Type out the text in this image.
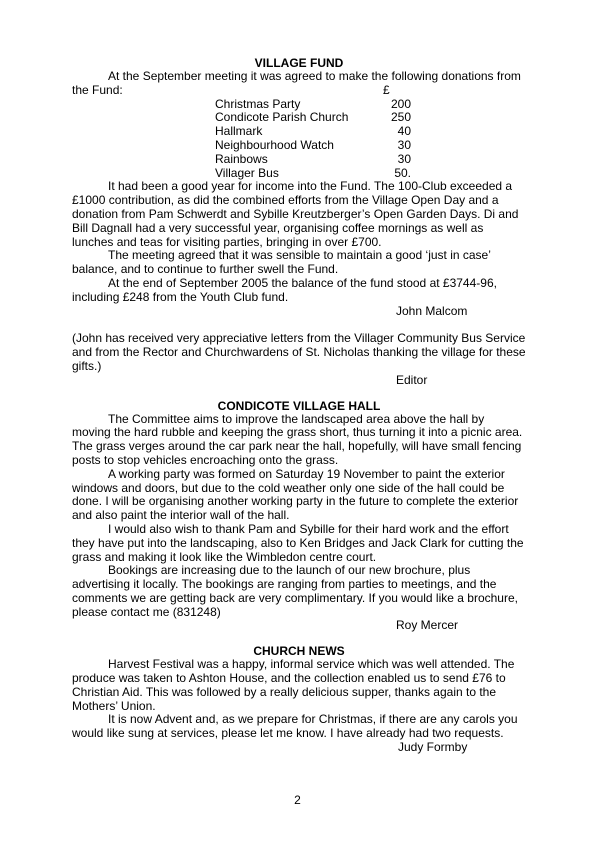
VILLAGE FUND

At the September meeting it was agreed to make the following donations from the Fund:	£
Christmas Party	200
Condicote Parish Church	250
Hallmark	40
Neighbourhood Watch	30
Rainbows	30
Villager Bus	50.

It had been a good year for income into the Fund. The 100-Club exceeded a £1000 contribution, as did the combined efforts from the Village Open Day and a donation from Pam Schwerdt and Sybille Kreutzberger’s Open Garden Days. Di and Bill Dagnall had a very successful year, organising coffee mornings as well as lunches and teas for visiting parties, bringing in over £700.

The meeting agreed that it was sensible to maintain a good ‘just in case’ balance, and to continue to further swell the Fund.

At the end of September 2005 the balance of the fund stood at £3744-96, including £248 from the Youth Club fund.

John Malcom

(John has received very appreciative letters from the Villager Community Bus Service and from the Rector and Churchwardens of St. Nicholas thanking the village for these gifts.)

Editor
CONDICOTE VILLAGE HALL

The Committee aims to improve the landscaped area above the hall by moving the hard rubble and keeping the grass short, thus turning it into a picnic area. The grass verges around the car park near the hall, hopefully, will have small fencing posts to stop vehicles encroaching onto the grass.

A working party was formed on Saturday 19 November to paint the exterior windows and doors, but due to the cold weather only one side of the hall could be done. I will be organising another working party in the future to complete the exterior and also paint the interior wall of the hall.

I would also wish to thank Pam and Sybille for their hard work and the effort they have put into the landscaping, also to Ken Bridges and Jack Clark for cutting the grass and making it look like the Wimbledon centre court.

Bookings are increasing due to the launch of our new brochure, plus advertising it locally. The bookings are ranging from parties to meetings, and the comments we are getting back are very complimentary. If you would like a brochure, please contact me (831248)

Roy Mercer
CHURCH NEWS

Harvest Festival was a happy, informal service which was well attended. The produce was taken to Ashton House, and the collection enabled us to send £76 to Christian Aid. This was followed by a really delicious supper, thanks again to the Mothers’ Union.

It is now Advent and, as we prepare for Christmas, if there are any carols you would like sung at services, please let me know. I have already had two requests.

Judy Formby
2
